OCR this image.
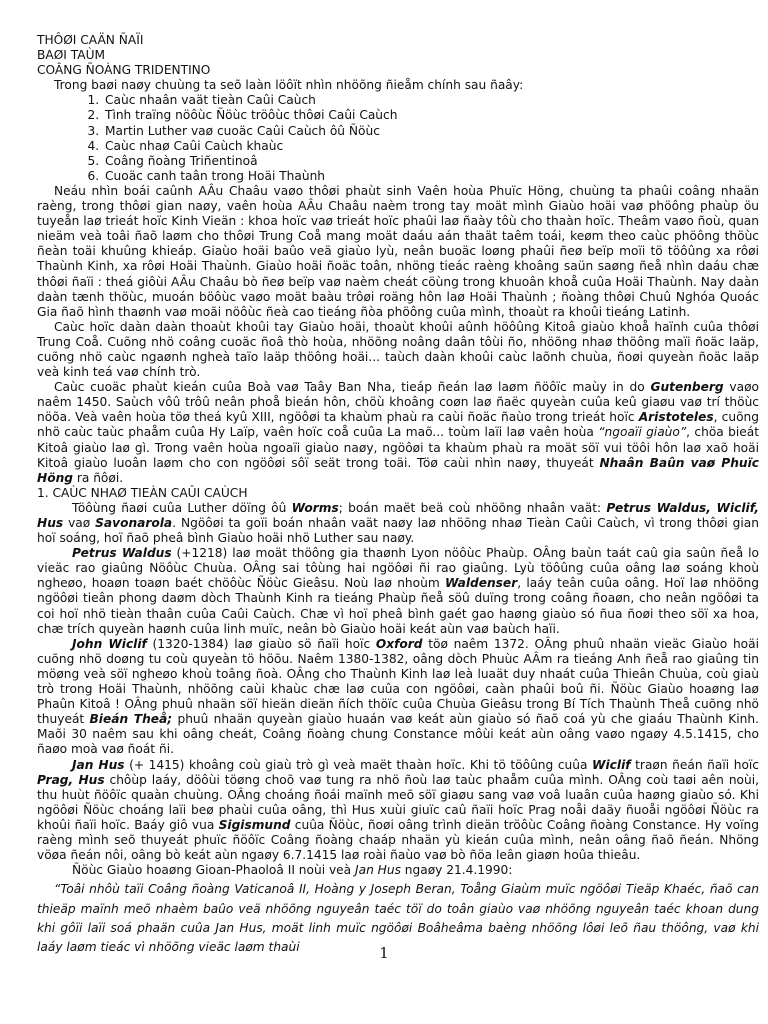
THÔØI CAÄN ÑAÏI

BAØI TAÙM

COÂNG ÑOÀNG TRIDENTINO

Trong baøi naøy chuùng ta seõ laàn löôït nhìn nhöõng ñieåm chính sau ñaây:

1. Caùc nhaân vaät tieàn Caûi Caùch
2. Tình traïng nöôùc Ñöùc tröôùc thôøi Caûi Caùch
3. Martin Luther vaø cuoäc Caûi Caùch ôû Ñöùc
4. Caùc nhaø Caûi Caùch khaùc
5. Coâng ñoàng Triñentinoâ
6. Cuoäc canh taân trong Hoäi Thaùnh

Neáu nhìn boái caûnh AÂu Chaâu vaøo thôøi phaùt sinh Vaên hoùa Phuïc Höng, chuùng ta phaûi coâng nhaän raèng, trong thôøi gian naøy, vaên hoùa AÂu Chaâu naèm trong tay moät mình Giaùo hoäi vaø phöông phaùp öu tuyeån laø trieát hoïc Kinh Vieän : khoa hoïc vaø trieát hoïc phaûi laø ñaày tôù cho thaàn hoïc. Theâm vaøo ñoù, quan nieäm veà toâi ñaõ laøm cho thôøi Trung Coå mang moät daáu aán thaät taêm toái, keøm theo caùc phöông thöùc ñeàn toäi khuûng khieáp. Giaùo hoäi baûo veä giaùo lyù, neân buoäc loøng phaûi ñeø beïp moïi tö töôûng xa rôøi Thaùnh Kinh, xa rôøi Hoäi Thaùnh. Giaùo hoäi ñoäc toân, nhöng tieác raèng khoâng saün saøng ñeå nhìn daáu chæ thôøi ñaïi : theá giôùi AÂu Chaâu bò ñeø beïp vaø naèm cheát cöùng trong khuoân khoå cuûa Hoäi Thaùnh. Nay daàn daàn tænh thöùc, muoán böôùc vaøo moät baàu trôøi roäng hôn laø Hoäi Thaùnh ; ñoàng thôøi Chuû Nghóa Quoác Gia ñaõ hình thaønh vaø moãi nöôùc ñeà cao tieáng ñòa phöông cuûa mình, thoaùt ra khoûi tieáng Latinh.

Caùc hoïc daàn daàn thoaùt khoûi tay Giaùo hoäi, thoaùt khoûi aûnh höôûng Kitoâ giaùo khoå haïnh cuûa thôøi Trung Coå. Cuõng nhö coâng cuoäc ñoâ thò hoùa, nhöõng noâng daân tôùi ño, nhöõng nhaø thöông maïi ñoäc laäp, cuõng nhö caùc ngaønh ngheà taïo laäp thöông hoäi... taùch daàn khoûi caùc laõnh chuùa, ñoøi quyeàn ñoäc laäp veà kinh teá vaø chính trò.

Caùc cuoäc phaùt kieán cuûa Boà vaø Taây Ban Nha, tieáp ñeán laø laøm ñöôïc maùy in do Gutenberg vaøo naêm 1450. Saùch vôû trôû neân phoå bieán hôn, chöù khoâng coøn laø ñaëc quyeàn cuûa keû giaøu vaø trí thöùc nöõa. Veà vaên hoùa töø theá kyû XIII, ngöôøi ta khaùm phaù ra caùi ñoäc ñaùo trong trieát hoïc Aristoteles, cuõng nhö caùc taùc phaåm cuûa Hy Laïp, vaên hoïc coå cuûa La maõ... toùm laïi laø vaên hoùa “ngoaïi giaùo”, chöa bieát Kitoâ giaùo laø gì. Trong vaên hoùa ngoaïi giaùo naøy, ngöôøi ta khaùm phaù ra moät söï vui töôi hôn laø xaõ hoäi Kitoâ giaùo luoân laøm cho con ngöôøi sôï seät trong toäi. Töø caùi nhìn naøy, thuyeát Nhaân Baûn vaø Phuïc Höng ra ñôøi.

1. CAÙC NHAØ TIEÀN CAÛI CAÙCH

Töôùng ñaøi cuûa Luther döïng ôû Worms; boán maët beä coù nhöõng nhaân vaät: Petrus Waldus, Wiclif, Hus vaø Savonarola. Ngöôøi ta goïi boán nhaân vaät naøy laø nhöõng nhaø Tieàn Caûi Caùch, vì trong thôøi gian hoï soáng, hoï ñaõ pheâ bình Giaùo hoäi nhö Luther sau naøy.

Petrus Waldus (+1218) laø moät thöông gia thaønh Lyon nöôùc Phaùp. OÂng baùn taát caû gia saûn ñeå lo vieäc rao giaûng Nöôùc Chuùa. OÂng sai tôùng hai ngöôøi ñi rao giaûng. Lyù töôûng cuûa oâng laø soáng khoù ngheøo, hoaøn toaøn baét chöôùc Ñöùc Gieâsu. Noù laø nhoùm Waldenser, laáy teân cuûa oâng. Hoï laø nhöõng ngöôøi tieân phong daøm dòch Thaùnh Kinh ra tieáng Phaùp ñeå söû duïng trong coâng ñoaøn, cho neân ngöôøi ta coi hoï nhö tieàn thaân cuûa Caûi Caùch. Chæ vì hoï pheâ bình gaét gao haøng giaùo só ñua ñoøi theo söï xa hoa, chæ trích quyeàn haønh cuûa linh muïc, neân bò Giaùo hoäi keát aùn vaø baùch haïi.

John Wiclif (1320-1384) laø giaùo sö ñaïi hoïc Oxford töø naêm 1372. OÂng phuû nhaän vieäc Giaùo hoäi cuõng nhö doøng tu coù quyeàn tö höõu. Naêm 1380-1382, oâng dòch Phuùc AÂm ra tieáng Anh ñeå rao giaûng tin möøng veà söï ngheøo khoù toâng ñoà. OÂng cho Thaùnh Kinh laø leà luaät duy nhaát cuûa Thieân Chuùa, coù giaù trò trong Hoäi Thaùnh, nhöõng caùi khaùc chæ laø cuûa con ngöôøi, caàn phaûi boû ñi. Ñöùc Giaùo hoaøng laø Phaûn Kitoâ ! OÂng phuû nhaän söï hieän dieän ñích thöïc cuûa Chuùa Gieâsu trong Bí Tích Thaùnh Theå cuõng nhö thuyeát Bieán Theå; phuû nhaän quyeàn giaùo huaán vaø keát aùn giaùo só ñaõ coá yù che giaáu Thaùnh Kinh. Maõi 30 naêm sau khi oâng cheát, Coâng ñoàng chung Constance môùi keát aùn oâng vaøo ngaøy 4.5.1415, cho ñaøo moà vaø ñoát ñi.

Jan Hus (+ 1415) khoâng coù giaù trò gì veà maët thaàn hoïc. Khi tö töôûng cuûa Wiclif traøn ñeán ñaïi hoïc Prag, Hus chôùp laáy, döôùi töøng choõ vaø tung ra nhö ñoù laø taùc phaåm cuûa mình. OÂng coù taøi aên noùi, thu huùt ñöôïc quaàn chuùng. OÂng choáng ñoái maïnh meõ söï giaøu sang vaø voâ luaân cuûa haøng giaùo só. Khi ngöôøi Ñöùc choáng laïi beø phaùi cuûa oâng, thì Hus xuùi giuïc caû ñaïi hoïc Prag noåi daäy ñuoåi ngöôøi Ñöùc ra khoûi ñaïi hoïc. Baáy giô vua Sigismund cuûa Ñöùc, ñoøi oâng trình dieän tröôùc Coâng ñoàng Constance. Hy voïng raèng mình seõ thuyeát phuïc ñöôïc Coâng ñoàng chaáp nhaän yù kieán cuûa mình, neân oâng ñaõ ñeán. Nhöng vöøa ñeán nôi, oâng bò keát aùn ngaøy 6.7.1415 laø roài ñaùo vaø bò ñöa leân giaøn hoûa thieâu.

Ñöùc Giaùo hoaøng Gioan-Phaoloâ II noùi veà Jan Hus ngaøy 21.4.1990:

“Toâi nhôù taïi Coâng ñoàng Vaticanoâ II, Hoàng y Joseph Beran, Toång Giaùm muïc ngöôøi Tieäp Khaéc, ñaõ can thieäp maïnh meõ nhaèm baûo veä nhöõng nguyeân taéc töï do toân giaùo vaø nhöõng nguyeân taéc khoan dung khi gôïi laïi soá phaän cuûa Jan Hus, moät linh muïc ngöôøi Boâheâma baèng nhöõng lôøi leõ ñau thöông, vaø khi laáy laøm tieác vì nhöõng vieäc laøm thaùi	1
